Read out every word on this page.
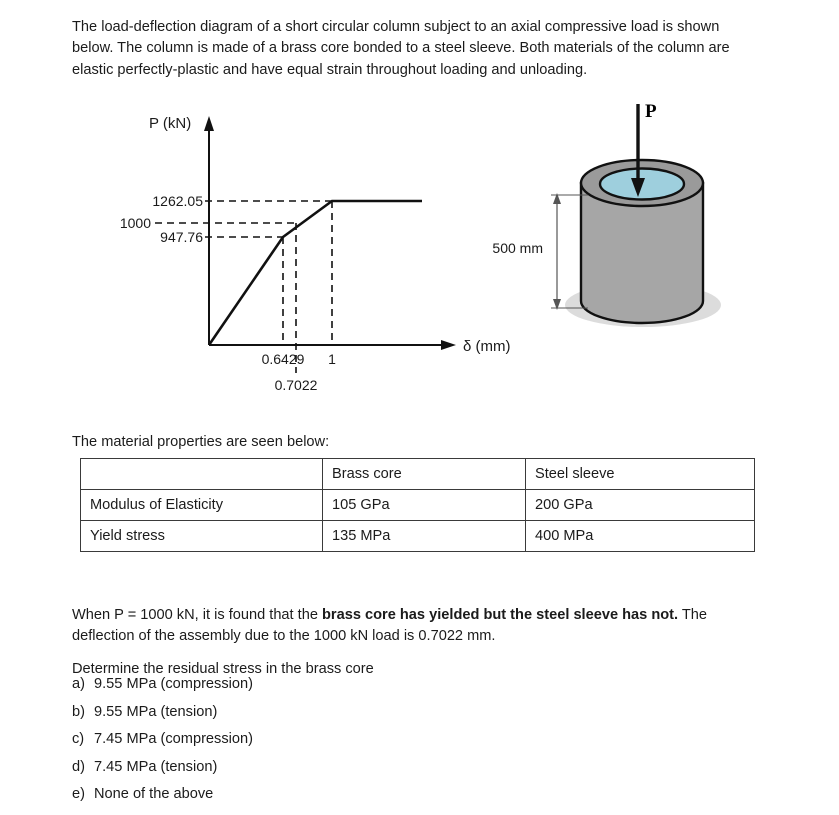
The load-deflection diagram of a short circular column subject to an axial compressive load is shown below. The column is made of a brass core bonded to a steel sleeve. Both materials of the column are elastic perfectly-plastic and have equal strain throughout loading and unloading.

P (kN)
δ (mm)
1262.05
1000
947.76
0.6429 1
0.7022
P
500 mm
The material properties are seen below:
	Brass core	Steel sleeve
Modulus of Elasticity	105 GPa	200 GPa
Yield stress	135 MPa	400 MPa

When P = 1000 kN, it is found that the brass core has yielded but the steel sleeve has not. The deflection of the assembly due to the 1000 kN load is 0.7022 mm.

Determine the residual stress in the brass core

a) 9.55 MPa (compression)
b) 9.55 MPa (tension)
c) 7.45 MPa (compression)
d) 7.45 MPa (tension)
e) None of the above
